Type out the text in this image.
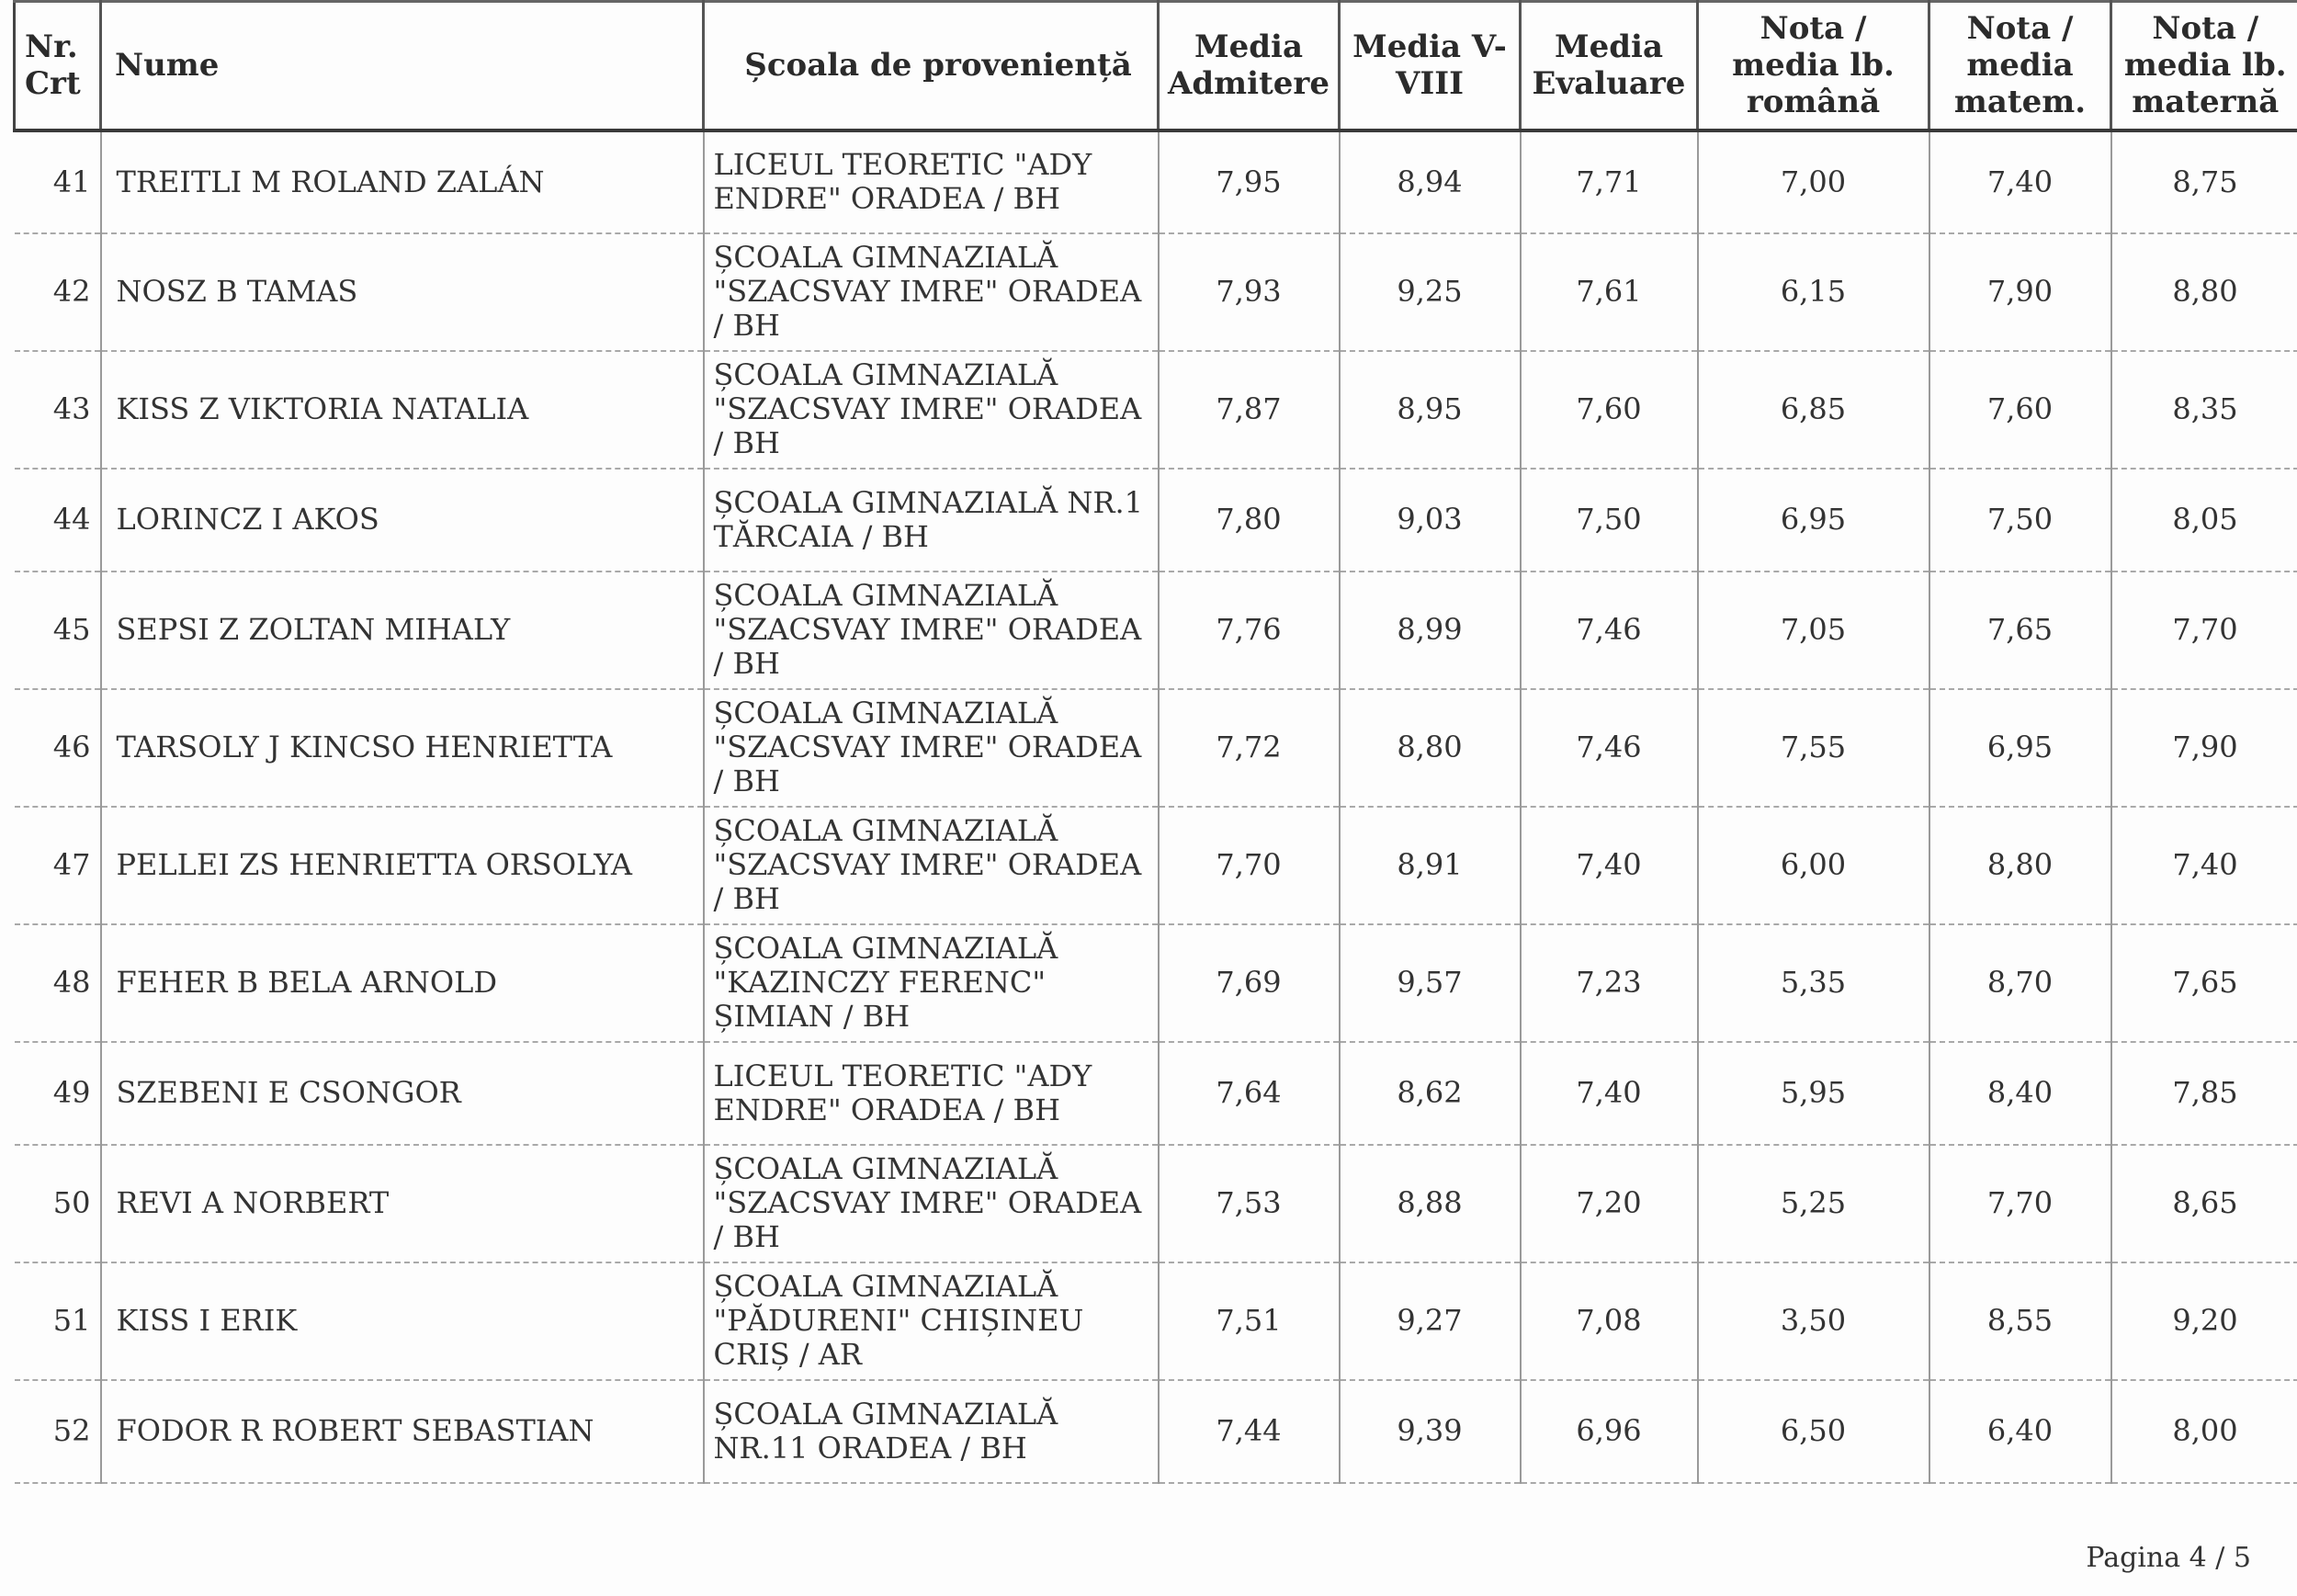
Nr. Crt	Nume	Școala de proveniență	Media Admitere	Media V-VIII	Media Evaluare	Nota / media lb. română	Nota / media matem.	Nota / media lb. maternă
41	TREITLI M ROLAND ZALÁN	LICEUL TEORETIC "ADY ENDRE" ORADEA / BH	7,95	8,94	7,71	7,00	7,40	8,75
42	NOSZ B TAMAS	ȘCOALA GIMNAZIALĂ "SZACSVAY IMRE" ORADEA / BH	7,93	9,25	7,61	6,15	7,90	8,80
43	KISS Z VIKTORIA NATALIA	ȘCOALA GIMNAZIALĂ "SZACSVAY IMRE" ORADEA / BH	7,87	8,95	7,60	6,85	7,60	8,35
44	LORINCZ I AKOS	ȘCOALA GIMNAZIALĂ NR.1 TĂRCAIA / BH	7,80	9,03	7,50	6,95	7,50	8,05
45	SEPSI Z ZOLTAN MIHALY	ȘCOALA GIMNAZIALĂ "SZACSVAY IMRE" ORADEA / BH	7,76	8,99	7,46	7,05	7,65	7,70
46	TARSOLY J KINCSO HENRIETTA	ȘCOALA GIMNAZIALĂ "SZACSVAY IMRE" ORADEA / BH	7,72	8,80	7,46	7,55	6,95	7,90
47	PELLEI ZS HENRIETTA ORSOLYA	ȘCOALA GIMNAZIALĂ "SZACSVAY IMRE" ORADEA / BH	7,70	8,91	7,40	6,00	8,80	7,40
48	FEHER B BELA ARNOLD	ȘCOALA GIMNAZIALĂ "KAZINCZY FERENC" ȘIMIAN / BH	7,69	9,57	7,23	5,35	8,70	7,65
49	SZEBENI E CSONGOR	LICEUL TEORETIC "ADY ENDRE" ORADEA / BH	7,64	8,62	7,40	5,95	8,40	7,85
50	REVI A NORBERT	ȘCOALA GIMNAZIALĂ "SZACSVAY IMRE" ORADEA / BH	7,53	8,88	7,20	5,25	7,70	8,65
51	KISS I ERIK	ȘCOALA GIMNAZIALĂ "PĂDURENI" CHIȘINEU CRIȘ / AR	7,51	9,27	7,08	3,50	8,55	9,20
52	FODOR R ROBERT SEBASTIAN	ȘCOALA GIMNAZIALĂ NR.11 ORADEA / BH	7,44	9,39	6,96	6,50	6,40	8,00
Pagina 4 / 5
